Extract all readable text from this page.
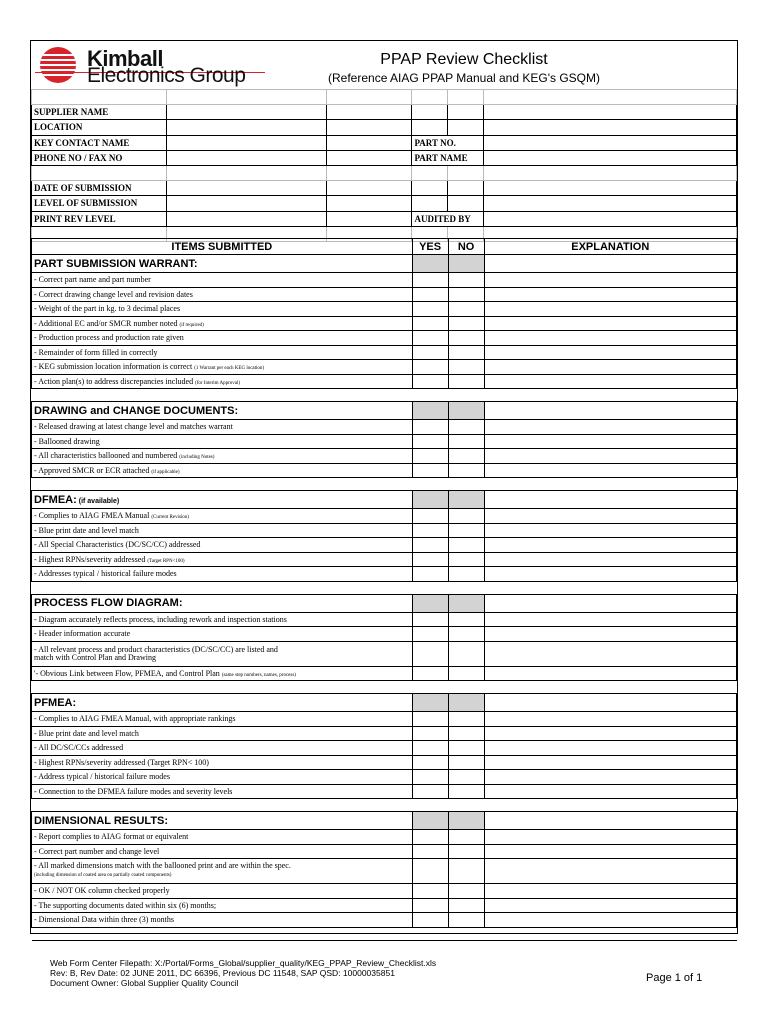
Kimball
Electronics Group
PPAP Review Checklist
(Reference AIAG PPAP Manual and KEG's GSQM)

SUPPLIER NAME					
LOCATION					
KEY CONTACT NAME			PART NO.		
PHONE NO / FAX NO			PART NAME		

DATE OF SUBMISSION					
LEVEL OF SUBMISSION					
PRINT REV LEVEL			AUDITED BY		

ITEMS SUBMITTED	YES	NO	EXPLANATION
PART SUBMISSION WARRANT:			
- Correct part name and part number			
- Correct drawing change level and revision dates			
- Weight of the part in kg. to 3 decimal places			
- Additional EC and/or SMCR number noted (if required)			
- Production process and production rate given			
- Remainder of form filled in correctly			
- KEG submission location information is correct (1 Warrant per each KEG location)			
- Action plan(s) to address discrepancies included (for Interim Approval)			

DRAWING and CHANGE DOCUMENTS:			
- Released drawing at latest change level and matches warrant			
- Ballooned drawing			
- All characteristics ballooned and numbered (including Notes)			
- Approved SMCR or ECR attached (if applicable)			

DFMEA: (if available)			
- Complies to AIAG FMEA Manual (Current Revision)			
- Blue print date and level match			
- All Special Characteristics (DC/SC/CC) addressed			
- Highest RPNs/severity addressed (Target RPN<100)			
- Addresses typical / historical failure modes			

PROCESS FLOW DIAGRAM:			
- Diagram accurately reflects process, including rework and inspection stations			
- Header information accurate			
- All relevant process and product characteristics (DC/SC/CC) are listed and
match with Control Plan and Drawing			
'- Obvious Link between Flow, PFMEA, and Control Plan (same step numbers, names, process)			

PFMEA:			
- Complies to AIAG FMEA Manual, with appropriate rankings			
- Blue print date and level match			
- All DC/SC/CCs addressed			
- Highest RPNs/severity addressed (Target RPN< 100)			
- Address typical / historical failure modes			
- Connection to the DFMEA failure modes and severity levels			

DIMENSIONAL RESULTS:			
- Report complies to AIAG format or equivalent			
- Correct part number and change level			
- All marked dimensions match with the ballooned print and are within the spec.
(including dimension of coated area on partially coated components)			
- OK / NOT OK column checked properly			
- The supporting documents dated within six (6) months;			
- Dimensional Data within three (3) months			

Web Form Center Filepath: X:/Portal/Forms_Global/supplier_quality/KEG_PPAP_Review_Checklist.xls
Rev: B, Rev Date: 02 JUNE 2011, DC 66396, Previous DC 11548, SAP QSD: 10000035851
Document Owner: Global Supplier Quality Council	Page 1 of 1
